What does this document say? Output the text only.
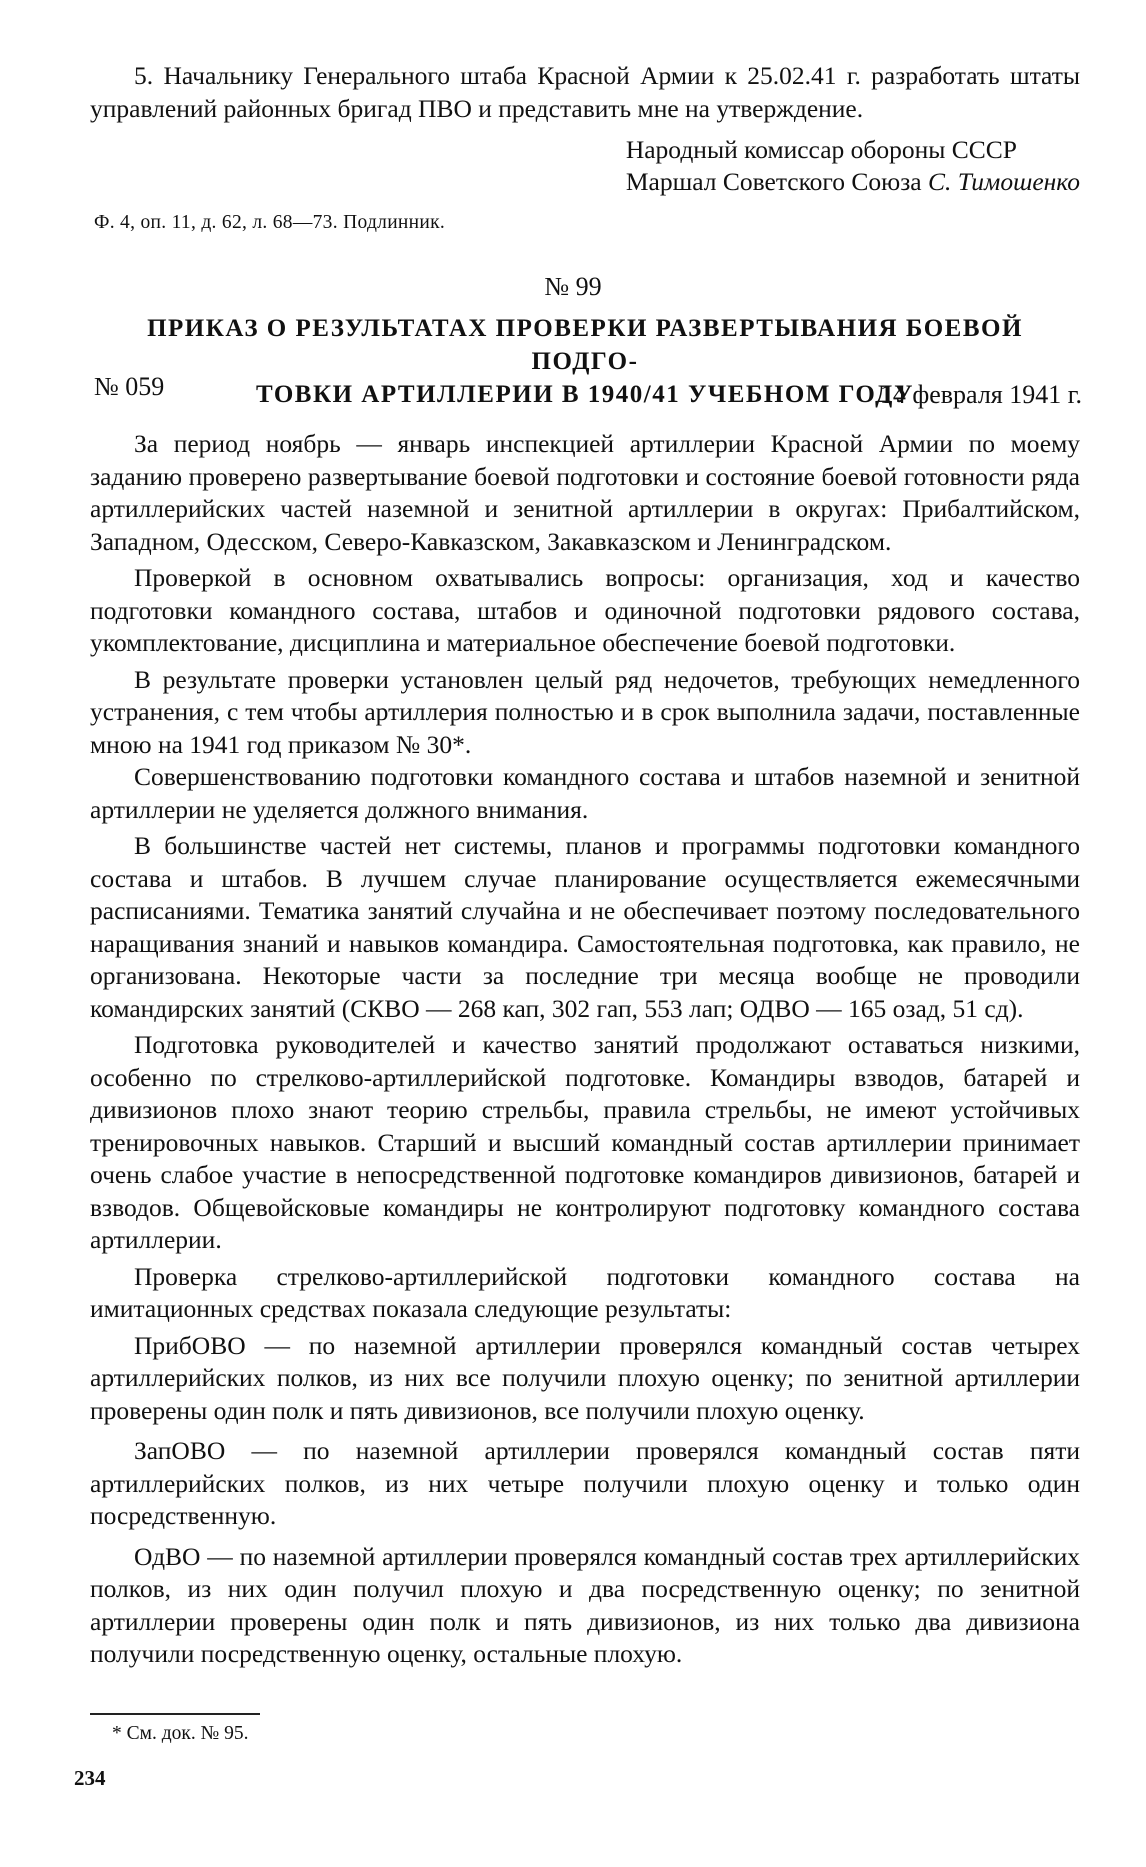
5. Начальнику Генерального штаба Красной Армии к 25.02.41 г. разработать штаты управлений районных бригад ПВО и представить мне на утверждение.

Народный комиссар обороны СССР
Маршал Советского Союза С. Тимошенко
Ф. 4, оп. 11, д. 62, л. 68—73. Подлинник.
№ 99
ПРИКАЗ О РЕЗУЛЬТАТАХ ПРОВЕРКИ РАЗВЕРТЫВАНИЯ БОЕВОЙ ПОДГО-
ТОВКИ АРТИЛЛЕРИИ В 1940/41 УЧЕБНОМ ГОДУ
№ 059	14 февраля 1941 г.

За период ноябрь — январь инспекцией артиллерии Красной Армии по моему заданию проверено развертывание боевой подготовки и состояние боевой готовности ряда артиллерийских частей наземной и зенитной артиллерии в округах: Прибалтийском, Западном, Одесском, Северо-Кавказском, Закавказском и Ленинградском.

Проверкой в основном охватывались вопросы: организация, ход и качество подготовки командного состава, штабов и одиночной подготовки рядового состава, укомплектование, дисциплина и материальное обеспечение боевой подготовки.

В результате проверки установлен целый ряд недочетов, требующих немедленного устранения, с тем чтобы артиллерия полностью и в срок выполнила задачи, поставленные мною на 1941 год приказом № 30*.

Совершенствованию подготовки командного состава и штабов наземной и зенитной артиллерии не уделяется должного внимания.

В большинстве частей нет системы, планов и программы подготовки командного состава и штабов. В лучшем случае планирование осуществляется ежемесячными расписаниями. Тематика занятий случайна и не обеспечивает поэтому последовательного наращивания знаний и навыков командира. Самостоятельная подготовка, как правило, не организована. Некоторые части за последние три месяца вообще не проводили командирских занятий (СКВО — 268 кап, 302 гап, 553 лап; ОДВО — 165 озад, 51 сд).

Подготовка руководителей и качество занятий продолжают оставаться низкими, особенно по стрелково-артиллерийской подготовке. Командиры взводов, батарей и дивизионов плохо знают теорию стрельбы, правила стрельбы, не имеют устойчивых тренировочных навыков. Старший и высший командный состав артиллерии принимает очень слабое участие в непосредственной подготовке командиров дивизионов, батарей и взводов. Общевойсковые командиры не контролируют подготовку командного состава артиллерии.

Проверка стрелково-артиллерийской подготовки командного состава на имитационных средствах показала следующие результаты:

ПрибОВО — по наземной артиллерии проверялся командный состав четырех артиллерийских полков, из них все получили плохую оценку; по зенитной артиллерии проверены один полк и пять дивизионов, все получили плохую оценку.

ЗапОВО — по наземной артиллерии проверялся командный состав пяти артиллерийских полков, из них четыре получили плохую оценку и только один посредственную.

ОдВО — по наземной артиллерии проверялся командный состав трех артиллерийских полков, из них один получил плохую и два посредственную оценку; по зенитной артиллерии проверены один полк и пять дивизионов, из них только два дивизиона получили посредственную оценку, остальные плохую.

* См. док. № 95.
234
